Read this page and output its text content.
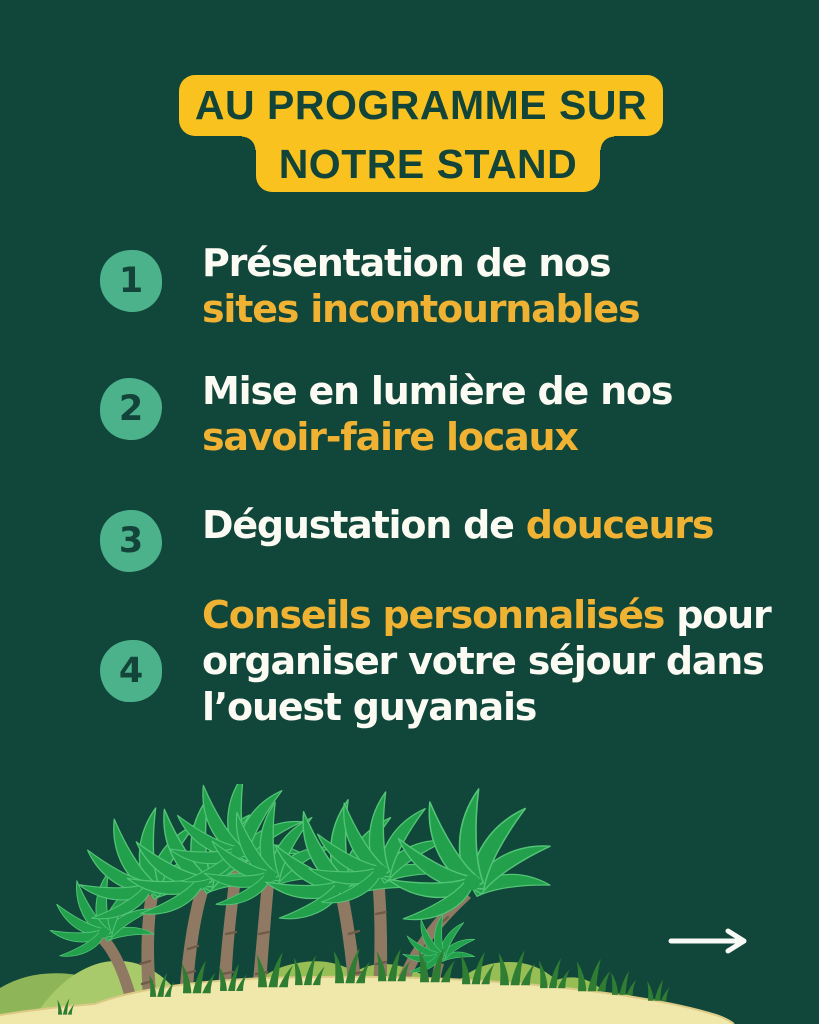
AU PROGRAMME SUR
NOTRE STAND
1 Présentation de nos
sites incontournables
2 Mise en lumière de nos
savoir-faire locaux
3 Dégustation de douceurs
4
Conseils personnalisés pour
organiser votre séjour dans
l’ouest guyanais
